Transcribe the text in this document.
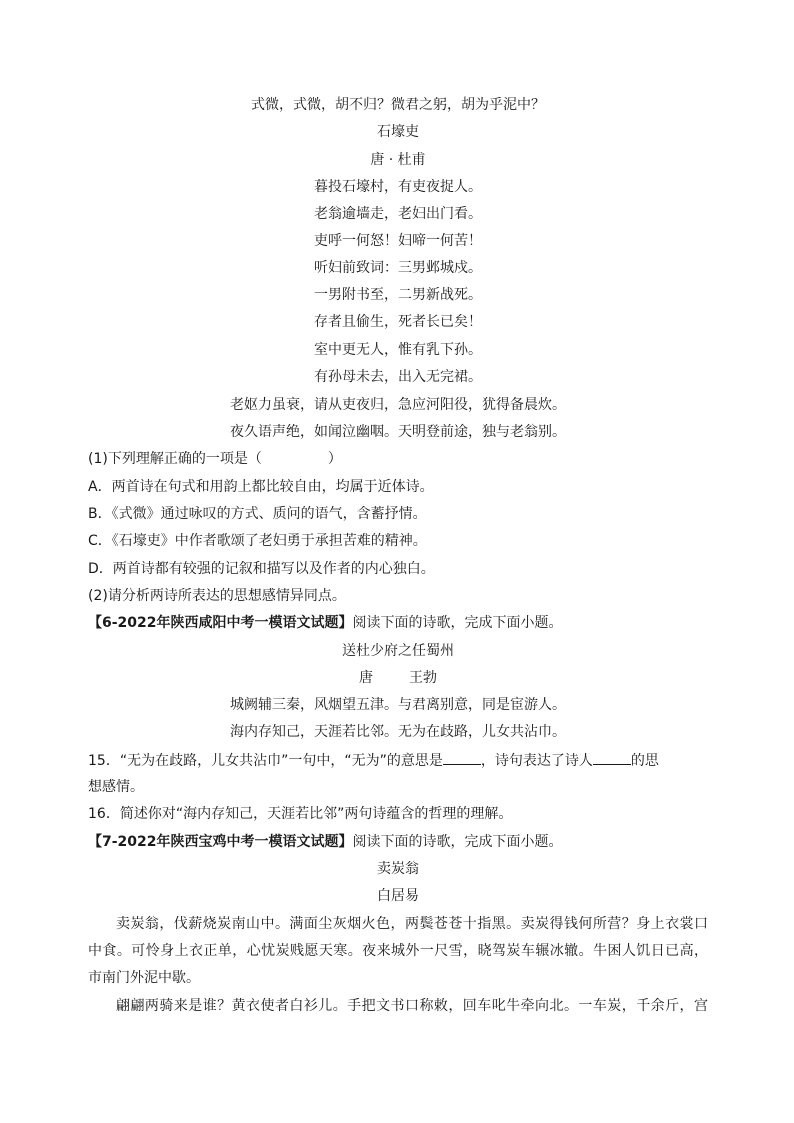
式微，式微，胡不归？微君之躬，胡为乎泥中？
石壕吏
唐 · 杜甫
暮投石壕村，有吏夜捉人。
老翁逾墙走，老妇出门看。
吏呼一何怒！妇啼一何苦！
听妇前致词：三男邺城戍。
一男附书至，二男新战死。
存者且偷生，死者长已矣！
室中更无人，惟有乳下孙。
有孙母未去，出入无完裙。
老妪力虽衰，请从吏夜归，急应河阳役，犹得备晨炊。
夜久语声绝，如闻泣幽咽。天明登前途，独与老翁别。
(1)下列理解正确的一项是（	）
A．两首诗在句式和用韵上都比较自由，均属于近体诗。
B．《式微》通过咏叹的方式、质问的语气，含蓄抒情。
C．《石壕吏》中作者歌颂了老妇勇于承担苦难的精神。
D．两首诗都有较强的记叙和描写以及作者的内心独白。
(2)请分析两诗所表达的思想感情异同点。
【6-2022年陕西咸阳中考一模语文试题】阅读下面的诗歌，完成下面小题。
送杜少府之任蜀州
唐	王勃
城阙辅三秦，风烟望五津。与君离别意，同是宦游人。
海内存知己，天涯若比邻。无为在歧路，儿女共沾巾。
15．“无为在歧路，儿女共沾巾”一句中，“无为”的意思是	，诗句表达了诗人	的思
想感情。
16．简述你对“海内存知己，天涯若比邻”两句诗蕴含的哲理的理解。
【7-2022年陕西宝鸡中考一模语文试题】阅读下面的诗歌，完成下面小题。
卖炭翁
白居易
卖炭翁，伐薪烧炭南山中。满面尘灰烟火色，两鬓苍苍十指黑。卖炭得钱何所营？身上衣裳口
中食。可怜身上衣正单，心忧炭贱愿天寒。夜来城外一尺雪，晓驾炭车辗冰辙。牛困人饥日已高，
市南门外泥中歇。
翩翩两骑来是谁？黄衣使者白衫儿。手把文书口称敕，回车叱牛牵向北。一车炭，千余斤，宫
